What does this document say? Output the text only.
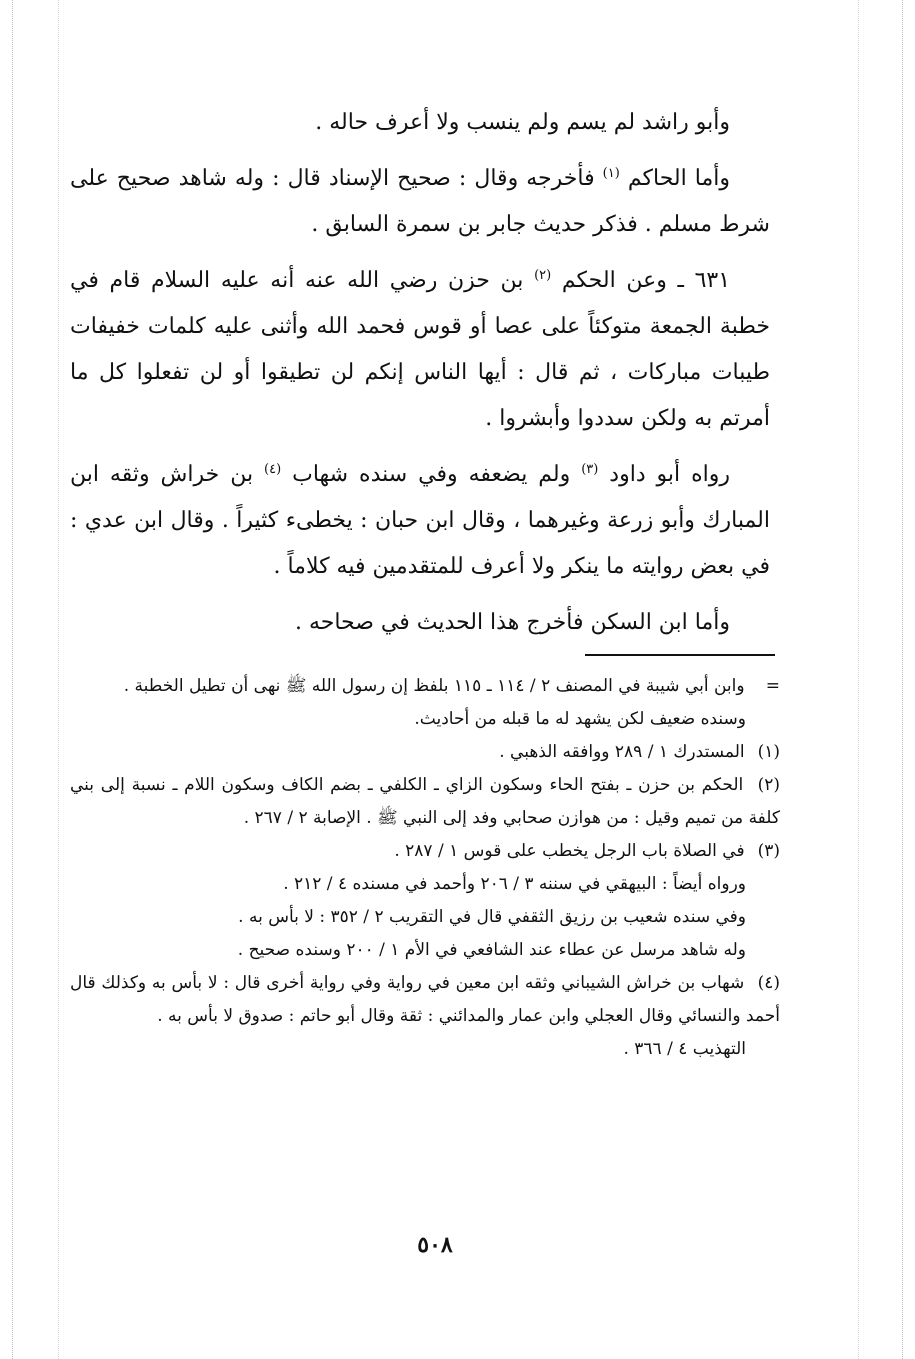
وأبو راشد لم يسم ولم ينسب ولا أعرف حاله .

وأما الحاكم $^{(١)}$ فأخرجه وقال : صحيح الإسناد قال : وله شاهد صحيح على شرط مسلم . فذكر حديث جابر بن سمرة السابق .

٦٣١ ـ وعن الحكم $^{(٢)}$ بن حزن رضي الله عنه أنه عليه السلام قام في خطبة الجمعة متوكئاً على عصا أو قوس فحمد الله وأثنى عليه كلمات خفيفات طيبات مباركات ، ثم قال : أيها الناس إنكم لن تطيقوا أو لن تفعلوا كل ما أمرتم به ولكن سددوا وأبشروا .

رواه أبو داود $^{(٣)}$ ولم يضعفه وفي سنده شهاب $^{(٤)}$ بن خراش وثقه ابن المبارك وأبو زرعة وغيرهما ، وقال ابن حبان : يخطىء كثيراً . وقال ابن عدي : في بعض روايته ما ينكر ولا أعرف للمتقدمين فيه كلاماً .

وأما ابن السكن فأخرج هذا الحديث في صحاحه .

= وابن أبي شيبة في المصنف ٢ / ١١٤ ـ ١١٥ بلفظ إن رسول الله ﷺ نهى أن تطيل الخطبة .

وسنده ضعيف لكن يشهد له ما قبله من أحاديث.

(١) المستدرك ١ / ٢٨٩ ووافقه الذهبي .

(٢) الحكم بن حزن ـ بفتح الحاء وسكون الزاي ـ الكلفي ـ بضم الكاف وسكون اللام ـ نسبة إلى بني كلفة من تميم وقيل : من هوازن صحابي وفد إلى النبي ﷺ . الإصابة ٢ / ٢٦٧ .

(٣) في الصلاة باب الرجل يخطب على قوس ١ / ٢٨٧ .

ورواه أيضاً : البيهقي في سننه ٣ / ٢٠٦ وأحمد في مسنده ٤ / ٢١٢ .

وفي سنده شعيب بن رزيق الثقفي قال في التقريب ٢ / ٣٥٢ : لا بأس به .

وله شاهد مرسل عن عطاء عند الشافعي في الأم ١ / ٢٠٠ وسنده صحيح .

(٤) شهاب بن خراش الشيباني وثقه ابن معين في رواية وفي رواية أخرى قال : لا بأس به وكذلك قال أحمد والنسائي وقال العجلي وابن عمار والمدائني : ثقة وقال أبو حاتم : صدوق لا بأس به .

التهذيب ٤ / ٣٦٦ .

٥٠٨
